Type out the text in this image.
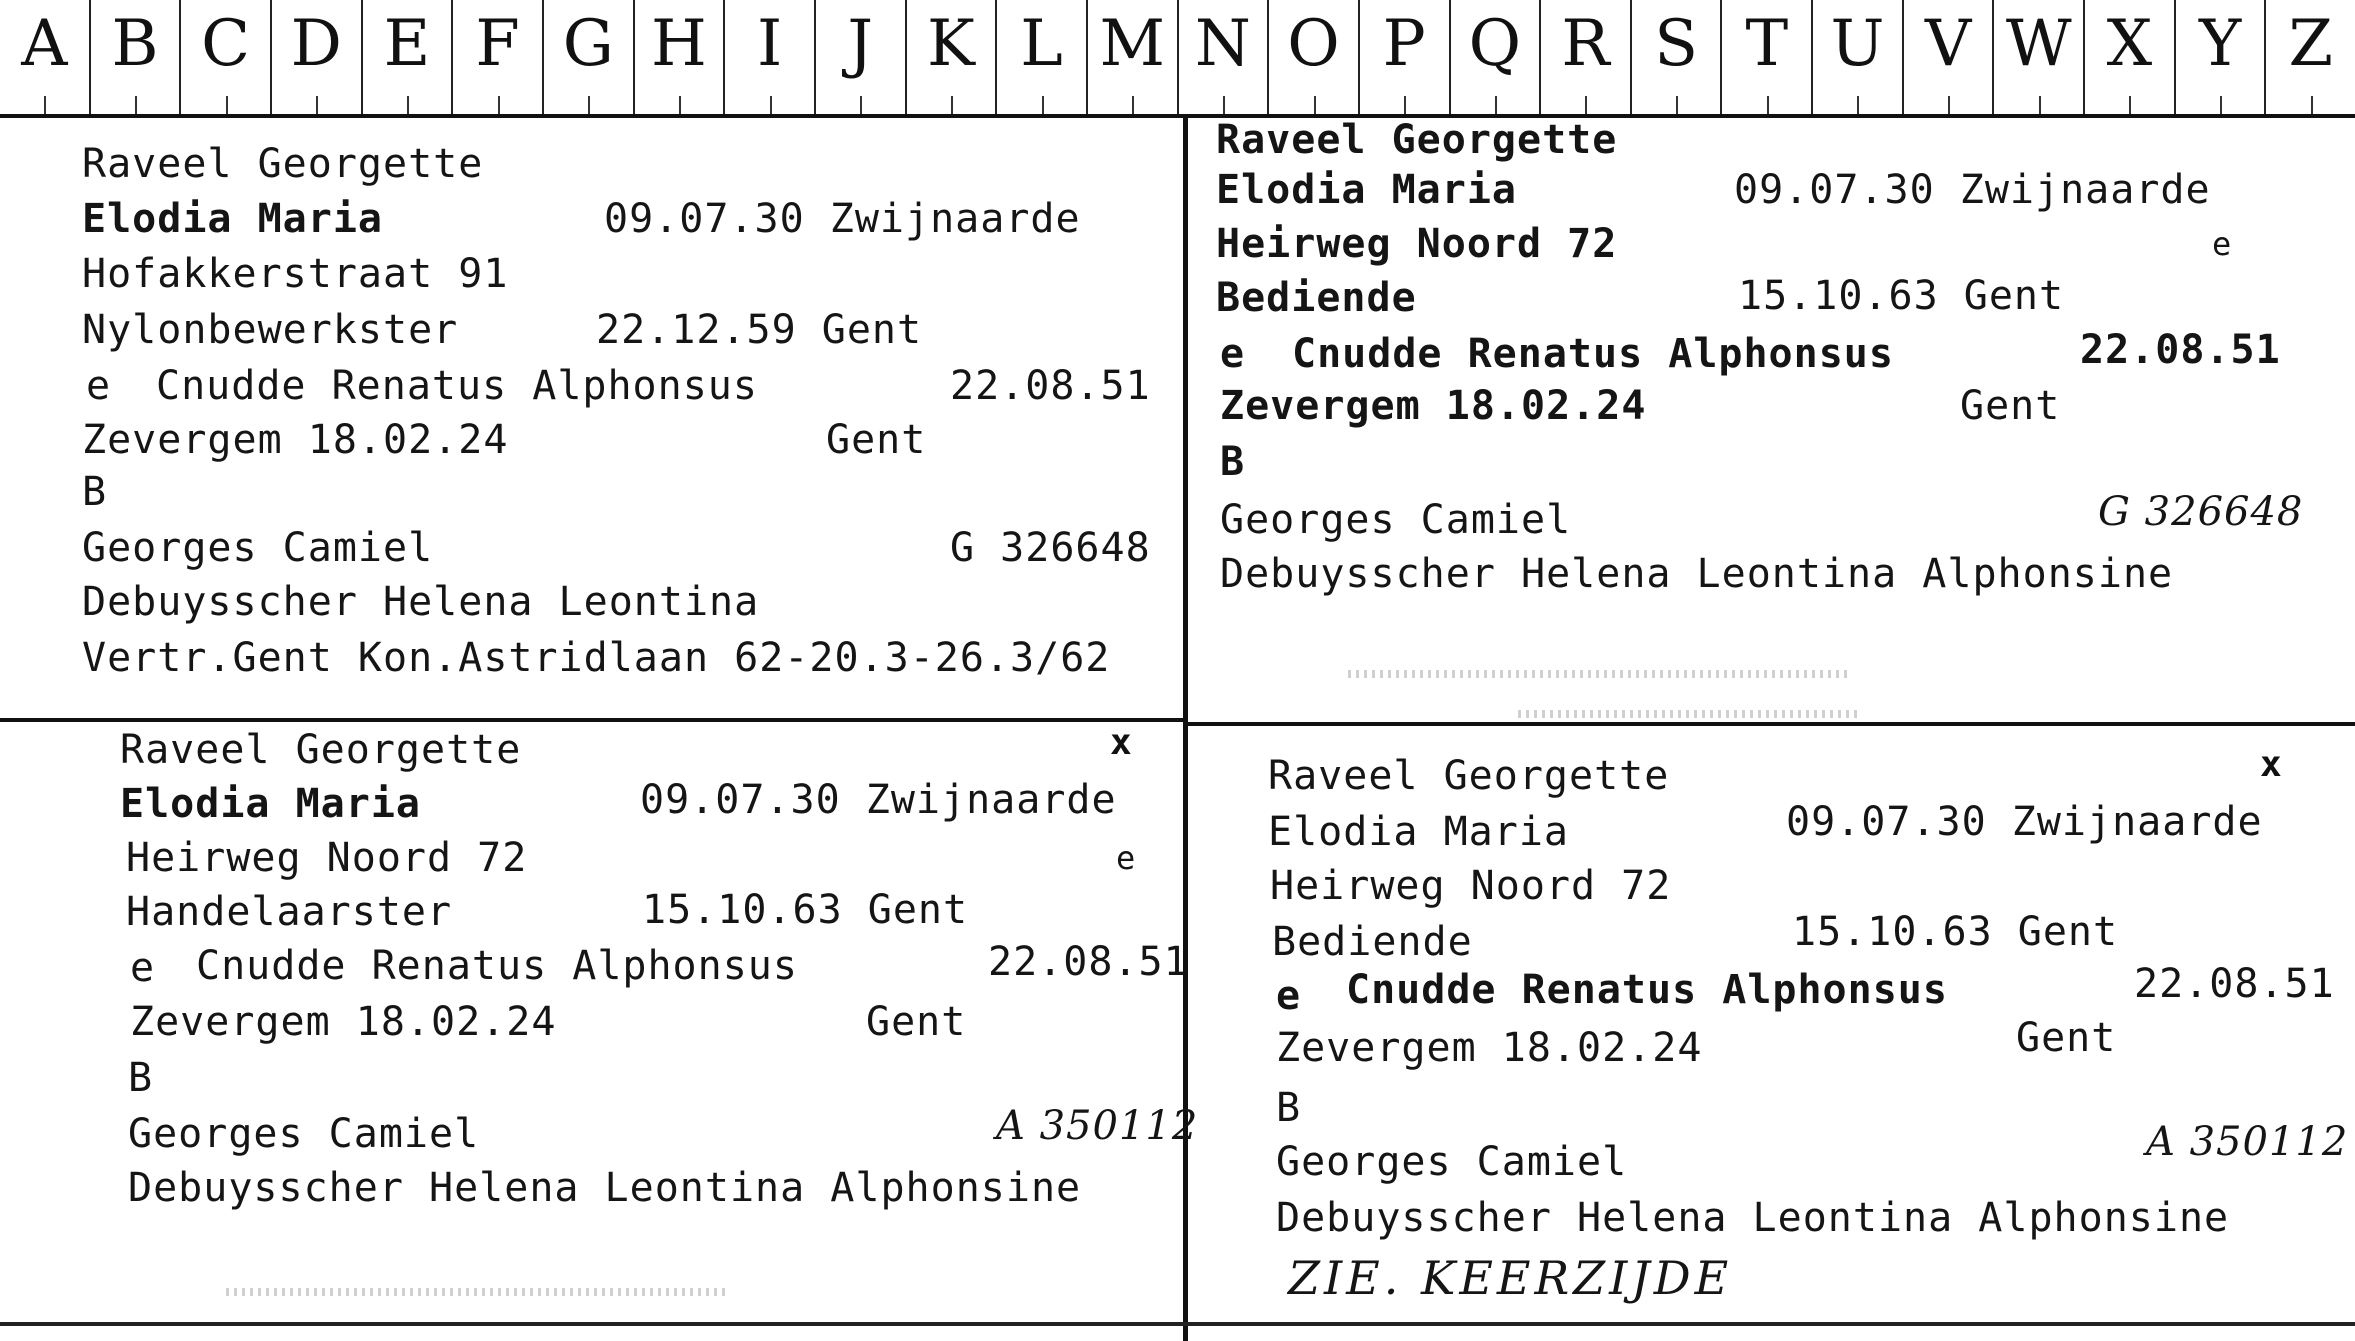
A B C D E F G H I	J K L M N O P Q R S T U V W X Y Z
Raveel Georgette
Elodia Maria	09.07.30 Zwijnaarde
Hofakkerstraat 91
Nylonbewerkster	22.12.59 Gent
e Cnudde Renatus Alphonsus	22.08.51
Zevergem 18.02.24	Gent
B
Georges Camiel	G 326648
Debuysscher Helena Leontina
Vertr.Gent Kon.Astridlaan 62-20.3-26.3/62
Raveel Georgette
Elodia Maria	09.07.30 Zwijnaarde
Heirweg Noord 72	e
Bediende	15.10.63 Gent
e Cnudde Renatus Alphonsus	22.08.51
Zevergem 18.02.24	Gent
B
Georges Camiel	G 326648
Debuysscher Helena Leontina Alphonsine
x
Raveel Georgette
Elodia Maria	09.07.30 Zwijnaarde
Heirweg Noord 72	e
Handelaarster	15.10.63 Gent
e Cnudde Renatus Alphonsus	22.08.51
Zevergem 18.02.24	Gent
B
Georges Camiel	A 350112
Debuysscher Helena Leontina Alphonsine
x
Raveel Georgette
Elodia Maria	09.07.30 Zwijnaarde
Heirweg Noord 72
Bediende	15.10.63 Gent
e Cnudde Renatus Alphonsus	22.08.51
Zevergem 18.02.24	Gent
B
Georges Camiel	A 350112
Debuysscher Helena Leontina Alphonsine
ZIE. KEERZIJDE
